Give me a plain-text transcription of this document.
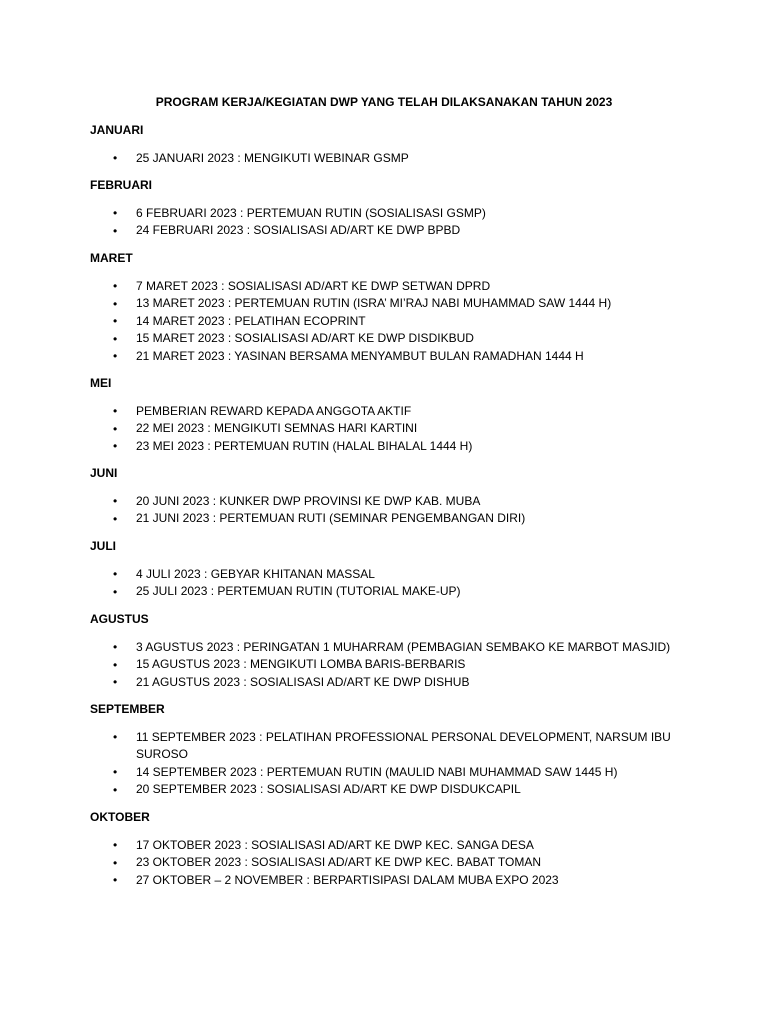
PROGRAM KERJA/KEGIATAN DWP YANG TELAH DILAKSANAKAN TAHUN 2023
JANUARI
• 25 JANUARI 2023 : MENGIKUTI WEBINAR GSMP
FEBRUARI
• 6 FEBRUARI 2023 : PERTEMUAN RUTIN (SOSIALISASI GSMP)
• 24 FEBRUARI 2023 : SOSIALISASI AD/ART KE DWP BPBD
MARET
• 7 MARET 2023 : SOSIALISASI AD/ART KE DWP SETWAN DPRD
• 13 MARET 2023 : PERTEMUAN RUTIN (ISRA’ MI’RAJ NABI MUHAMMAD SAW 1444 H)
• 14 MARET 2023 : PELATIHAN ECOPRINT
• 15 MARET 2023 : SOSIALISASI AD/ART KE DWP DISDIKBUD
• 21 MARET 2023 : YASINAN BERSAMA MENYAMBUT BULAN RAMADHAN 1444 H
MEI
• PEMBERIAN REWARD KEPADA ANGGOTA AKTIF
• 22 MEI 2023 : MENGIKUTI SEMNAS HARI KARTINI
• 23 MEI 2023 : PERTEMUAN RUTIN (HALAL BIHALAL 1444 H)
JUNI
• 20 JUNI 2023 : KUNKER DWP PROVINSI KE DWP KAB. MUBA
• 21 JUNI 2023 : PERTEMUAN RUTI (SEMINAR PENGEMBANGAN DIRI)
JULI
• 4 JULI 2023 : GEBYAR KHITANAN MASSAL
• 25 JULI 2023 : PERTEMUAN RUTIN (TUTORIAL MAKE-UP)
AGUSTUS
• 3 AGUSTUS 2023 : PERINGATAN 1 MUHARRAM (PEMBAGIAN SEMBAKO KE MARBOT MASJID)
• 15 AGUSTUS 2023 : MENGIKUTI LOMBA BARIS-BERBARIS
• 21 AGUSTUS 2023 : SOSIALISASI AD/ART KE DWP DISHUB
SEPTEMBER
• 11 SEPTEMBER 2023 : PELATIHAN PROFESSIONAL PERSONAL DEVELOPMENT, NARSUM IBU SUROSO
• 14 SEPTEMBER 2023 : PERTEMUAN RUTIN (MAULID NABI MUHAMMAD SAW 1445 H)
• 20 SEPTEMBER 2023 : SOSIALISASI AD/ART KE DWP DISDUKCAPIL
OKTOBER
• 17 OKTOBER 2023 : SOSIALISASI AD/ART KE DWP KEC. SANGA DESA
• 23 OKTOBER 2023 : SOSIALISASI AD/ART KE DWP KEC. BABAT TOMAN
• 27 OKTOBER – 2 NOVEMBER : BERPARTISIPASI DALAM MUBA EXPO 2023
